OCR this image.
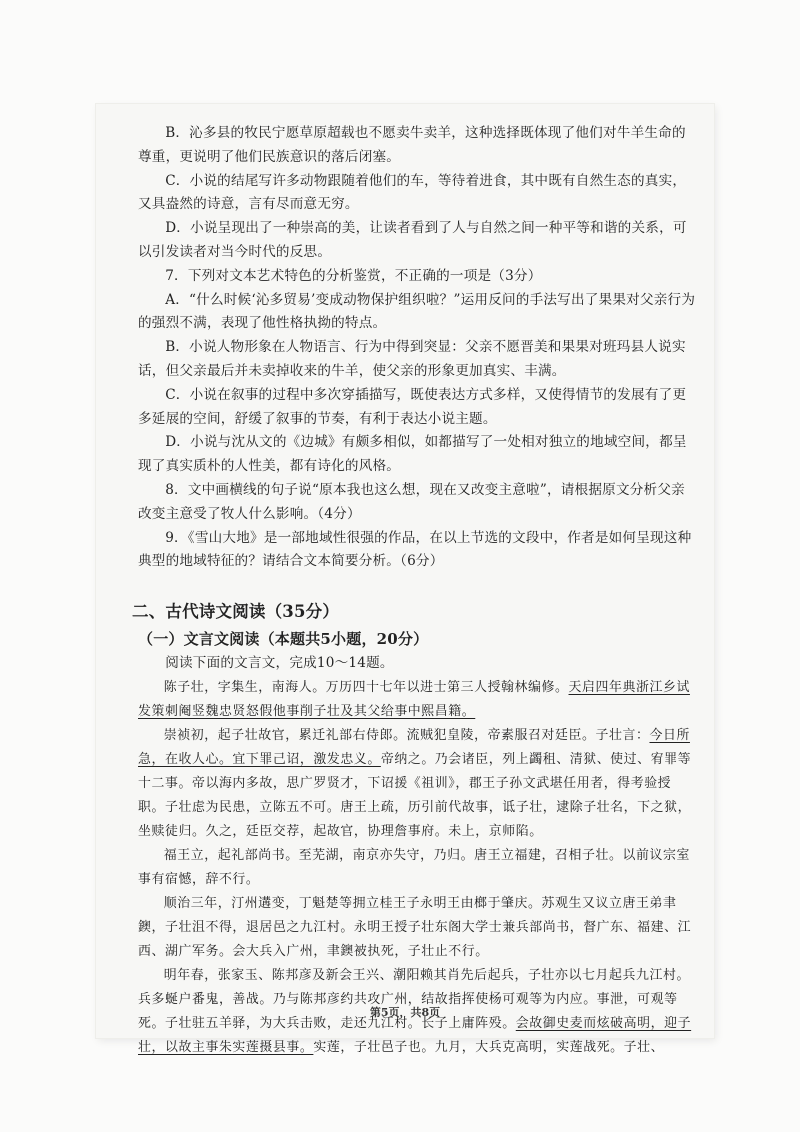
B．沁多县的牧民宁愿草原超载也不愿卖牛卖羊，这种选择既体现了他们对牛羊生命的尊重，更说明了他们民族意识的落后闭塞。

C．小说的结尾写许多动物跟随着他们的车，等待着进食，其中既有自然生态的真实，又具盎然的诗意，言有尽而意无穷。

D．小说呈现出了一种崇高的美，让读者看到了人与自然之间一种平等和谐的关系，可以引发读者对当今时代的反思。

7．下列对文本艺术特色的分析鉴赏，不正确的一项是（3分）

A．“什么时候‘沁多贸易’变成动物保护组织啦？”运用反问的手法写出了果果对父亲行为的强烈不满，表现了他性格执拗的特点。

B．小说人物形象在人物语言、行为中得到突显：父亲不愿晋美和果果对班玛县人说实话，但父亲最后并未卖掉收来的牛羊，使父亲的形象更加真实、丰满。

C．小说在叙事的过程中多次穿插描写，既使表达方式多样，又使得情节的发展有了更多延展的空间，舒缓了叙事的节奏，有利于表达小说主题。

D．小说与沈从文的《边城》有颇多相似，如都描写了一处相对独立的地域空间，都呈现了真实质朴的人性美，都有诗化的风格。

8．文中画横线的句子说“原本我也这么想，现在又改变主意啦”，请根据原文分析父亲改变主意受了牧人什么影响。（4分）

9．《雪山大地》是一部地域性很强的作品，在以上节选的文段中，作者是如何呈现这种典型的地域特征的？请结合文本简要分析。（6分）

二、古代诗文阅读（35分）

（一）文言文阅读（本题共5小题，20分）

阅读下面的文言文，完成10～14题。

陈子壮，字集生，南海人。万历四十七年以进士第三人授翰林编修。天启四年典浙江乡试发策刺阉竖魏忠贤怒假他事削子壮及其父给事中熙昌籍。

崇祯初，起子壮故官，累迁礼部右侍郎。流贼犯皇陵，帝素服召对廷臣。子壮言：今日所急，在收人心。宜下罪己诏，激发忠义。帝纳之。乃会诸臣，列上蠲租、清狱、使过、宥罪等十二事。帝以海内多故，思广罗贤才，下诏援《祖训》，郡王子孙文武堪任用者，得考验授职。子壮虑为民患，立陈五不可。唐王上疏，历引前代故事，诋子壮，逮除子壮名，下之狱，坐赎徒归。久之，廷臣交荐，起故官，协理詹事府。未上，京师陷。

福王立，起礼部尚书。至芜湖，南京亦失守，乃归。唐王立福建，召相子壮。以前议宗室事有宿憾，辞不行。

顺治三年，汀州遘变，丁魁楚等拥立桂王子永明王由榔于肇庆。苏观生又议立唐王弟聿鐭，子壮沮不得，退居邑之九江村。永明王授子壮东阁大学士兼兵部尚书，督广东、福建、江西、湖广军务。会大兵入广州，聿鐭被执死，子壮止不行。

明年春，张家玉、陈邦彦及新会王兴、潮阳赖其肖先后起兵，子壮亦以七月起兵九江村。兵多蜒户番鬼，善战。乃与陈邦彦约共攻广州，结故指挥使杨可观等为内应。事泄，可观等死。子壮驻五羊驿，为大兵击败，走还九江村。长子上庸阵殁。会故御史麦而炫破高明，迎子壮，以故主事朱实莲摄县事。实莲，子壮邑子也。九月，大兵克高明，实莲战死。子壮、

第5页，共8页
